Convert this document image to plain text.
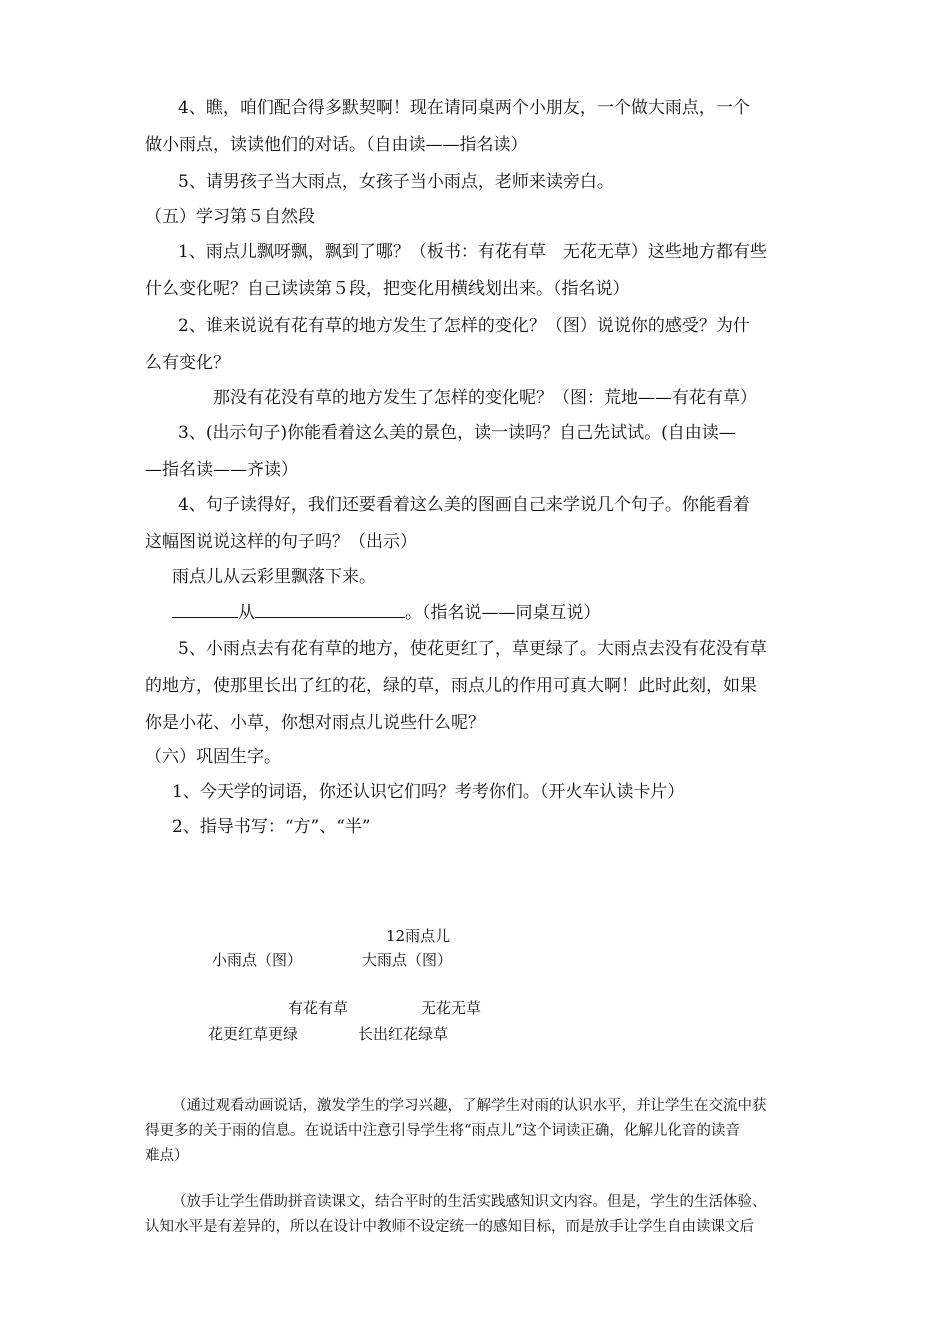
4、瞧，咱们配合得多默契啊！现在请同桌两个小朋友，一个做大雨点，一个
做小雨点，读读他们的对话。（自由读——指名读）
5、请男孩子当大雨点，女孩子当小雨点，老师来读旁白。
（五）学习第５自然段
1、雨点儿飘呀飘，飘到了哪？（板书：有花有草　无花无草）这些地方都有些
什么变化呢？自己读读第５段，把变化用横线划出来。（指名说）
2、谁来说说有花有草的地方发生了怎样的变化？（图）说说你的感受？为什
么有变化？
那没有花没有草的地方发生了怎样的变化呢？（图：荒地——有花有草）
3、(出示句子)你能看着这么美的景色，读一读吗？自己先试试。(自由读—
—指名读——齐读）
4、句子读得好，我们还要看着这么美的图画自己来学说几个句子。你能看着
这幅图说说这样的句子吗？（出示）
雨点儿从云彩里飘落下来。
从	。（指名说——同桌互说）
5、小雨点去有花有草的地方，使花更红了，草更绿了。大雨点去没有花没有草
的地方，使那里长出了红的花，绿的草，雨点儿的作用可真大啊！此时此刻，如果
你是小花、小草，你想对雨点儿说些什么呢？
（六）巩固生字。
1、今天学的词语，你还认识它们吗？考考你们。（开火车认读卡片）
2、指导书写：“方”、“半”
12雨点儿
小雨点（图）	大雨点（图）
有花有草	无花无草
花更红草更绿	长出红花绿草
（通过观看动画说话，激发学生的学习兴趣，了解学生对雨的认识水平，并让学生在交流中获
得更多的关于雨的信息。在说话中注意引导学生将“雨点儿”这个词读正确，化解儿化音的读音
难点）
（放手让学生借助拼音读课文，结合平时的生活实践感知识文内容。但是，学生的生活体验、
认知水平是有差异的，所以在设计中教师不设定统一的感知目标，而是放手让学生自由读课文后
